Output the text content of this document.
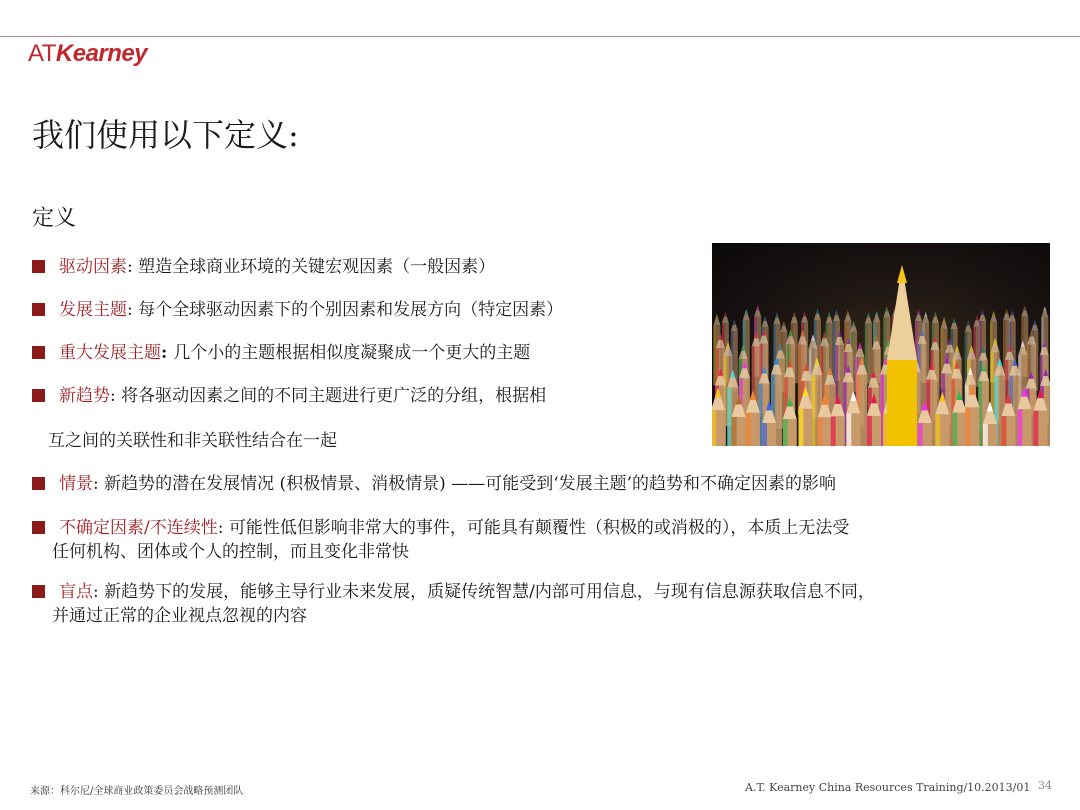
ATKearney
我们使用以下定义:
定义
驱动因素: 塑造全球商业环境的关键宏观因素（一般因素）
发展主题: 每个全球驱动因素下的个别因素和发展方向（特定因素）
重大发展主题: 几个小的主题根据相似度凝聚成一个更大的主题
新趋势: 将各驱动因素之间的不同主题进行更广泛的分组，根据相
互之间的关联性和非关联性结合在一起
情景: 新趋势的潜在发展情况 (积极情景、消极情景) ——可能受到‘发展主题’的趋势和不确定因素的影响
不确定因素/不连续性: 可能性低但影响非常大的事件，可能具有颠覆性（积极的或消极的），本质上无法受
任何机构、团体或个人的控制，而且变化非常快
盲点: 新趋势下的发展，能够主导行业未来发展，质疑传统智慧/内部可用信息，与现有信息源获取信息不同，
并通过正常的企业视点忽视的内容
来源：科尔尼/全球商业政策委员会战略预测团队	A.T. Kearney China Resources Training/10.2013/01 34
